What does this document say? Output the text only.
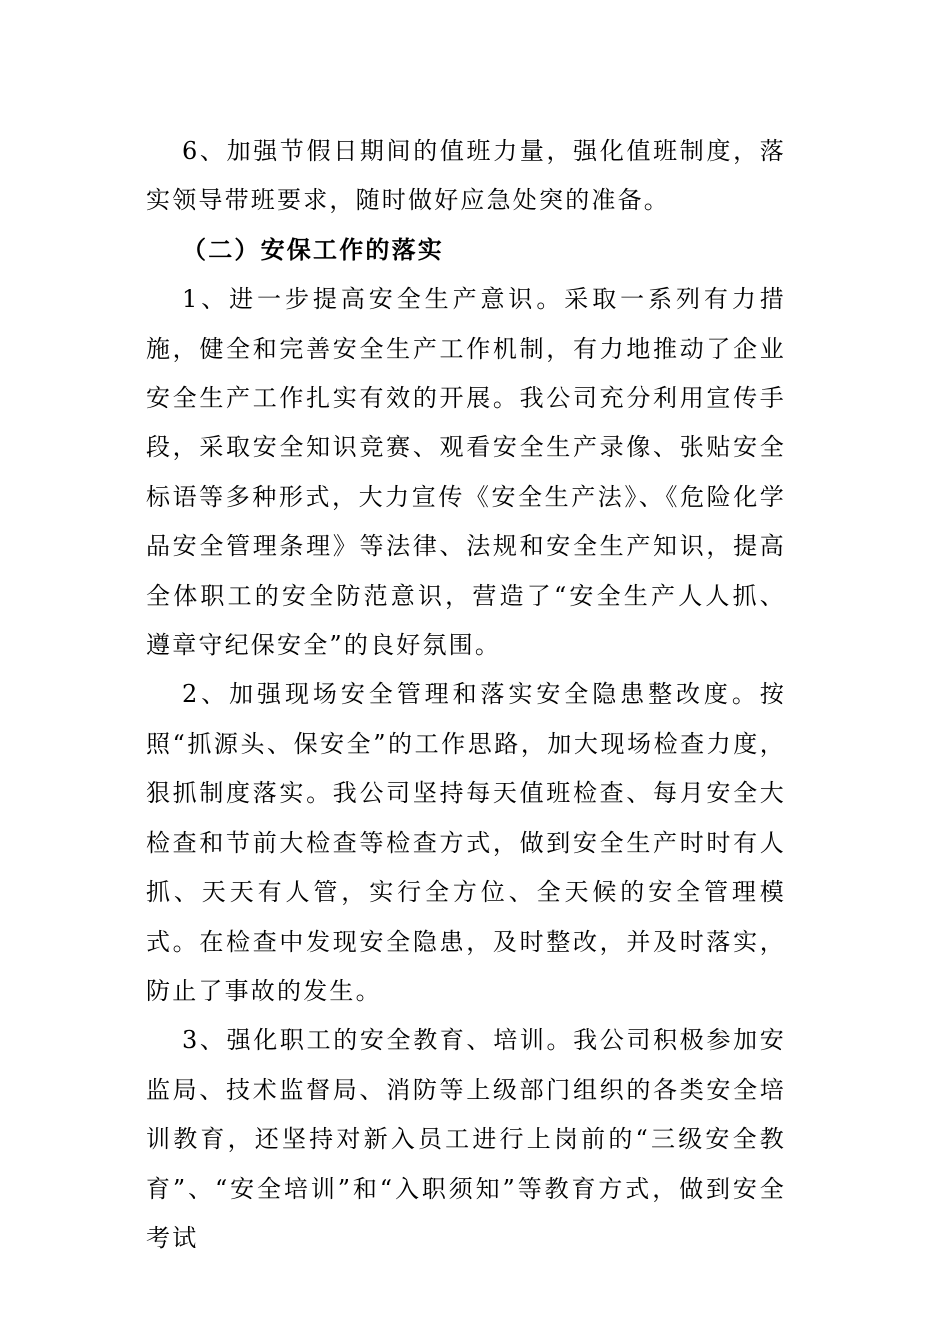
6、加强节假日期间的值班力量，强化值班制度，落实领导带班要求，随时做好应急处突的准备。

（二）安保工作的落实

1、进一步提高安全生产意识。采取一系列有力措施，健全和完善安全生产工作机制，有力地推动了企业安全生产工作扎实有效的开展。我公司充分利用宣传手段，采取安全知识竞赛、观看安全生产录像、张贴安全标语等多种形式，大力宣传《安全生产法》、《危险化学品安全管理条理》等法律、法规和安全生产知识，提高全体职工的安全防范意识，营造了“安全生产人人抓、遵章守纪保安全”的良好氛围。

2、加强现场安全管理和落实安全隐患整改度。按照“抓源头、保安全”的工作思路，加大现场检查力度，狠抓制度落实。我公司坚持每天值班检查、每月安全大检查和节前大检查等检查方式，做到安全生产时时有人抓、天天有人管，实行全方位、全天候的安全管理模式。在检查中发现安全隐患，及时整改，并及时落实，防止了事故的发生。

3、强化职工的安全教育、培训。我公司积极参加安监局、技术监督局、消防等上级部门组织的各类安全培训教育，还坚持对新入员工进行上岗前的“三级安全教育”、“安全培训”和“入职须知”等教育方式，做到安全考试
